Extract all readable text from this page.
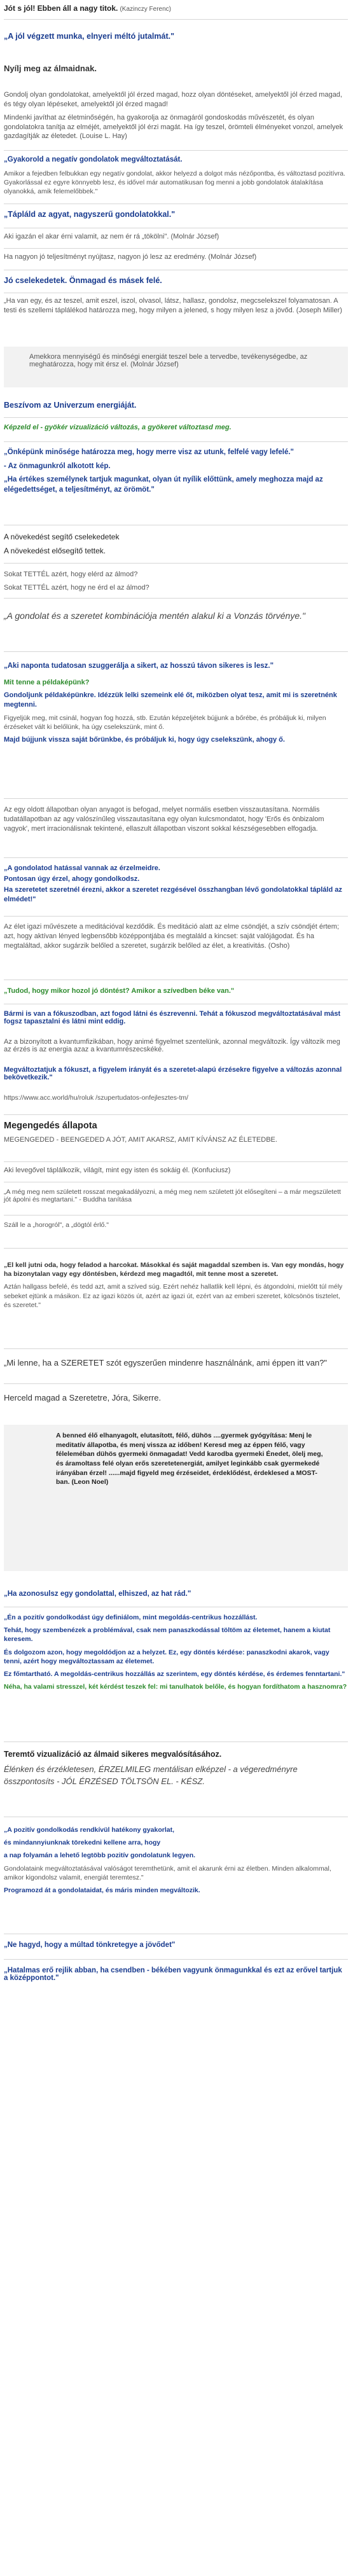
Jót s jól! Ebben áll a nagy titok. (Kazinczy Ferenc)
„A jól végzett munka, elnyeri méltó jutalmát."
Nyílj meg az álmaidnak.

Gondolj olyan gondolatokat, amelyektől jól érzed magad, hozz olyan döntéseket, amelyektől jól érzed magad, és tégy olyan lépéseket, amelyektől jól érzed magad!

Mindenki javíthat az életminőségén, ha gyakorolja az önmagáról gondoskodás művészetét, és olyan gondolatokra tanítja az elméjét, amelyektől jól érzi magát. Ha így teszel, örömteli élményeket vonzol, amelyek gazdagítják az életedet. (Louise L. Hay)

„Gyakorold a negatív gondolatok megváltoztatását.

Amikor a fejedben felbukkan egy negatív gondolat, akkor helyezd a dolgot más nézőpontba, és változtasd pozitívra. Gyakorlással ez egyre könnyebb lesz, és idővel már automatikusan fog menni a jobb gondolatok átalakítása olyanokká, amik felemelőbbek."

„Tápláld az agyat, nagyszerű gondolatokkal."
Aki igazán el akar érni valamit, az nem ér rá „tökölni". (Molnár József)
Ha nagyon jó teljesítményt nyújtasz, nagyon jó lesz az eredmény. (Molnár József)
Jó cselekedetek. Önmagad és másek felé.
„Ha van egy, és az teszel, amit eszel, iszol, olvasol, látsz, hallasz, gondolsz, megcselekszel folyamatosan. A testi és szellemi táplálékod határozza meg, hogy milyen a jelened, s hogy milyen lesz a jövőd. (Joseph Miller)
Amekkora mennyiségű és minőségi energiát teszel bele a tervedbe, tevékenységedbe, az meghatározza, hogy mit érsz el. (Molnár József)
Beszívom az Univerzum energiáját.
Képzeld el - gyökér vizualizáció változás, a gyökeret változtasd meg.

„Önképünk minősége határozza meg, hogy merre visz az utunk, felfelé vagy lefelé."

- Az önmagunkról alkotott kép.

„Ha értékes személynek tartjuk magunkat, olyan út nyílik előttünk, amely meghozza majd az elégedettséget, a teljesítményt, az örömöt."

A növekedést segítő cselekedetek

A növekedést elősegítő tettek.

Sokat TETTÉL azért, hogy elérd az álmod?

Sokat TETTÉL azért, hogy ne érd el az álmod?

„A gondolat és a szeretet kombinációja mentén alakul ki a Vonzás törvénye."

„Aki naponta tudatosan szuggerálja a sikert, az hosszú távon sikeres is lesz."

Mit tenne a példaképünk?

Gondoljunk példaképünkre. Idézzük lelki szemeink elé őt, miközben olyat tesz, amit mi is szeretnénk megtenni.

Figyeljük meg, mit csinál, hogyan fog hozzá, stb. Ezután képzeljétek bújjunk a bőrébe, és próbáljuk ki, milyen érzéseket vált ki belőlünk, ha úgy cselekszünk, mint ő.

Majd bújjunk vissza saját bőrünkbe, és próbáljuk ki, hogy úgy cselekszünk, ahogy ő.

Az egy oldott állapotban olyan anyagot is befogad, melyet normális esetben visszautasítana. Normális tudatállapotban az agy valószínűleg visszautasítana egy olyan kulcsmondatot, hogy 'Erős és önbizalom vagyok', mert irracionálisnak tekintené, ellaszult állapotban viszont sokkal készségesebben elfogadja.

„A gondolatod hatással vannak az érzelmeidre.

Pontosan úgy érzel, ahogy gondolkodsz.

Ha szeretetet szeretnél érezni, akkor a szeretet rezgésével összhangban lévő gondolatokkal tápláld az elmédet!"

Az élet igazi művészete a meditációval kezdődik. És meditáció alatt az elme csöndjét, a szív csöndjét értem; azt, hogy aktívan lényed legbensőbb középpontjába és megtaláld a kincset: saját valójágodat. És ha megtaláltad, akkor sugárzik belőled a szeretet, sugárzik belőled az élet, a kreativitás. (Osho)
„Tudod, hogy mikor hozol jó döntést? Amikor a szívedben béke van."
Bármi is van a fókuszodban, azt fogod látni és észrevenni. Tehát a fókuszod megváltoztatásával mást fogsz tapasztalni és látni mint eddig.
Az a bizonyított a kvantumfizikában, hogy animé figyelmet szentelünk, azonnal megváltozik. Így változik meg az érzés is az energia azaz a kvantumrészecskéké.
Megváltoztatjuk a fókuszt, a figyelem irányát és a szeretet-alapú érzésekre figyelve a változás azonnal bekövetkezik."
https://www.acc.world/hu/roluk /szupertudatos-onfejlesztes-tm/
Megengedés állapota
MEGENGEDED - BEENGEDED A JÓT, AMIT AKARSZ, AMIT KÍVÁNSZ AZ ÉLETEDBE.
Aki levegővel táplálkozik, világít, mint egy isten és sokáig él. (Konfuciusz)
„A még meg nem született rosszat megakadályozni, a még meg nem született jót elősegíteni – a már megszületett jót ápolni és megtartani." - Buddha tanítása
Száll le a „horogról", a „dögtól érlő."

„El kell jutni oda, hogy feladod a harcokat. Másokkal és saját magaddal szemben is. Van egy mondás, hogy ha bizonytalan vagy egy döntésben, kérdezd meg magadtól, mit tenne most a szeretet.

Aztán hallgass befelé, és tedd azt, amit a szíved súg. Ezért nehéz hallatlik kell lépni, és átgondolni, mielőtt túl mély sebeket ejtünk a másikon. Ez az igazi közös út, azért az igazi út, ezért van az emberi szeretet, kölcsönös tisztelet, és szeretet."

„Mi lenne, ha a SZERETET szót egyszerűen mindenre használnánk, ami éppen itt van?"
Herceld magad a Szeretetre, Jóra, Sikerre.
A benned élő elhanyagolt, elutasított, félő, dühös ....gyermek gyógyítása: Menj le meditatív állapotba, és menj vissza az időben! Keresd meg az éppen félő, vagy féleleméban dühös gyermeki önmagadat! Vedd karodba gyermeki Énedet, ölelj meg, és áramoltass felé olyan erős szeretetenergiát, amilyet leginkább csak gyermekedé irányában érzel! ......majd figyeld meg érzéseidet, érdeklődést, érdeklesed a MOST-ban. (Leon Noel)
„Ha azonosulsz egy gondolattal, elhiszed, az hat rád."

„Én a pozitív gondolkodást úgy definiálom, mint megoldás-centrikus hozzállást.

Tehát, hogy szembenézek a problémával, csak nem panaszkodással töltöm az életemet, hanem a kiutat keresem.

És dolgozom azon, hogy megoldódjon az a helyzet. Ez, egy döntés kérdése: panaszkodni akarok, vagy tenni, azért hogy megváltoztassam az életemet.

Ez főmtartható. A megoldás-centrikus hozzállás az szerintem, egy döntés kérdése, és érdemes fenntartani."

Néha, ha valami stresszel, két kérdést teszek fel: mi tanulhatok belőle, és hogyan fordíthatom a hasznomra?

Teremtő vizualizáció az álmaid sikeres megvalósításához.

Élénken és érzékletesen, ÉRZELMILEG mentálisan elképzel - a végeredményre összpontosíts - JÓL ÉRZÉSED TÖLTSÖN EL. - KÉSZ.

„A pozitív gondolkodás rendkívül hatékony gyakorlat,

és mindannyiunknak törekedni kellene arra, hogy

a nap folyamán a lehető legtöbb pozitív gondolatunk legyen.

Gondolataink megváltoztatásával valóságot teremthetünk, amit el akarunk érni az életben. Minden alkalommal, amikor kigondolsz valamit, energiát teremtesz."

Programozd át a gondolataidat, és máris minden megváltozik.

„Ne hagyd, hogy a múltad tönkretegye a jövődet"
„Hatalmas erő rejlik abban, ha csendben - békében vagyunk önmagunkkal és ezt az erővel tartjuk a középpontot."
